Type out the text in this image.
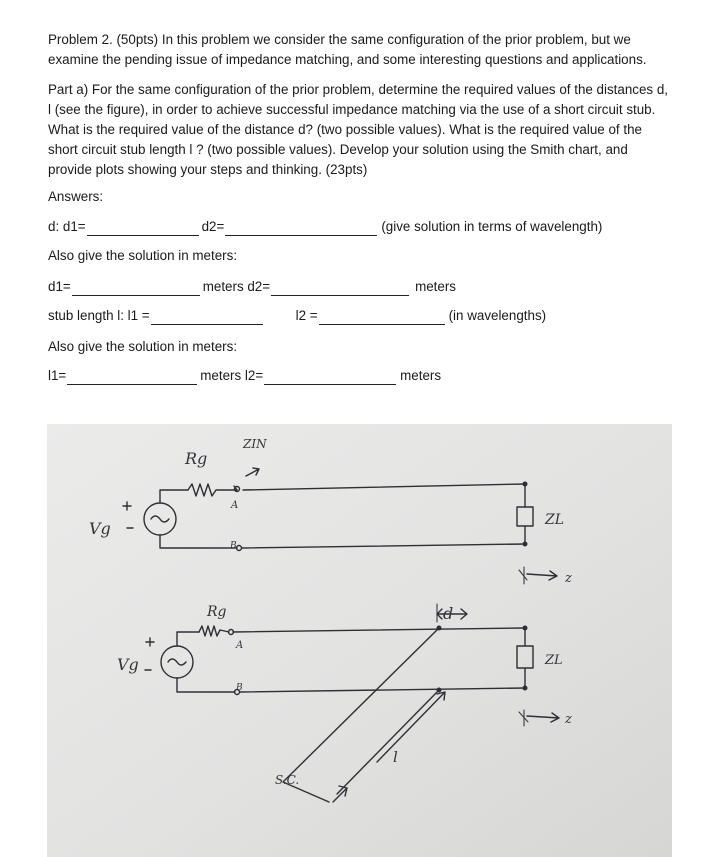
Problem 2. (50pts) In this problem we consider the same configuration of the prior problem, but we examine the pending issue of impedance matching, and some interesting questions and applications.

Part a) For the same configuration of the prior problem, determine the required values of the distances d, l (see the figure), in order to achieve successful impedance matching via the use of a short circuit stub. What is the required value of the distance d? (two possible values). What is the required value of the short circuit stub length l ? (two possible values). Develop your solution using the Smith chart, and provide plots showing your steps and thinking. (23pts)

Answers:
d: d1=	d2=	(give solution in terms of wavelength)
Also give the solution in meters:
d1=	meters d2=	meters
stub length l: l1 =	l2 =	(in wavelengths)
Also give the solution in meters:
l1=	meters l2=	meters
Rg
ZIN
A
B
Vg	ZL
z
Rg
A
B
Vg	ZL
z
d
l
S.C.
